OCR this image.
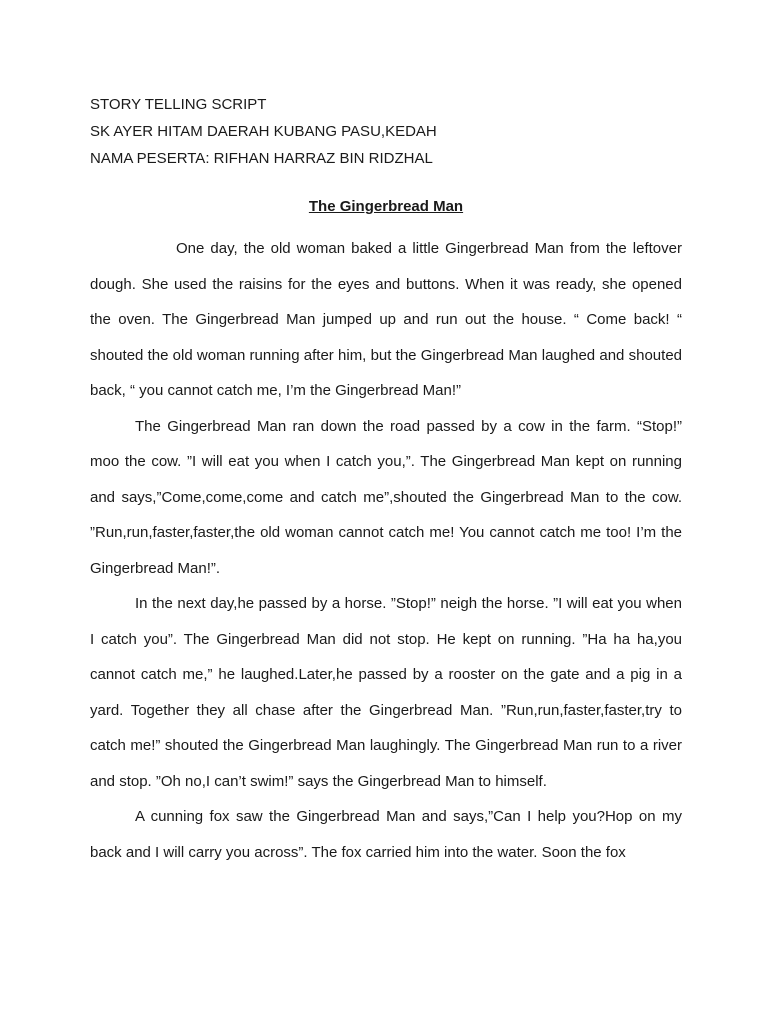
STORY TELLING SCRIPT
SK AYER HITAM DAERAH KUBANG PASU,KEDAH
NAMA PESERTA: RIFHAN HARRAZ BIN RIDZHAL
The Gingerbread Man

One day, the old woman baked a little Gingerbread Man from the leftover dough. She used the raisins for the eyes and buttons. When it was ready, she opened the oven. The Gingerbread Man jumped up and run out the house. “ Come back! “ shouted the old woman running after him, but the Gingerbread Man laughed and shouted back, “ you cannot catch me, I’m the Gingerbread Man!”

The Gingerbread Man ran down the road passed by a cow in the farm. “Stop!” moo the cow. ”I will eat you when I catch you,”. The Gingerbread Man kept on running and says,”Come,come,come and catch me”,shouted the Gingerbread Man to the cow. ”Run,run,faster,faster,the old woman cannot catch me! You cannot catch me too! I’m the Gingerbread Man!”.

In the next day,he passed by a horse. ”Stop!” neigh the horse. ”I will eat you when I catch you”. The Gingerbread Man did not stop. He kept on running. ”Ha ha ha,you cannot catch me,” he laughed.Later,he passed by a rooster on the gate and a pig in a yard. Together they all chase after the Gingerbread Man. ”Run,run,faster,faster,try to catch me!” shouted the Gingerbread Man laughingly. The Gingerbread Man run to a river and stop. ”Oh no,I can’t swim!” says the Gingerbread Man to himself.

A cunning fox saw the Gingerbread Man and says,”Can I help you?Hop on my back and I will carry you across”. The fox carried him into the water. Soon the fox
